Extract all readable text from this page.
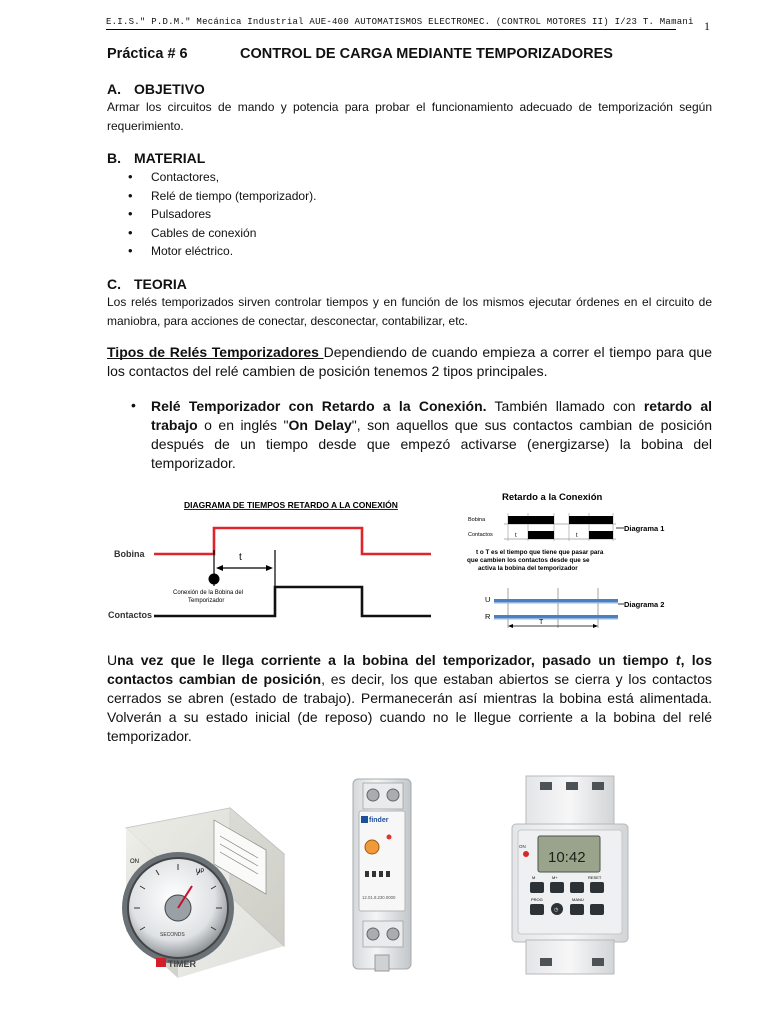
E.I.S." P.D.M." Mecánica Industrial AUE-400 AUTOMATISMOS ELECTROMEC. (CONTROL MOTORES II) I/23 T. Mamani 1
Práctica # 6	CONTROL DE CARGA MEDIANTE TEMPORIZADORES
A. OBJETIVO
Armar los circuitos de mando y potencia para probar el funcionamiento adecuado de temporización según requerimiento.
B. MATERIAL
• Contactores,
• Relé de tiempo (temporizador).
• Pulsadores
• Cables de conexión
• Motor eléctrico.
C. TEORIA
Los relés temporizados sirven controlar tiempos y en función de los mismos ejecutar órdenes en el circuito de maniobra, para acciones de conectar, desconectar, contabilizar, etc.
Tipos de Relés Temporizadores Dependiendo de cuando empieza a correr el tiempo para que los contactos del relé cambien de posición tenemos 2 tipos principales.
• Relé Temporizador con Retardo a la Conexión. También llamado con retardo al trabajo o en inglés "On Delay", son aquellos que sus contactos cambian de posición después de un tiempo desde que empezó activarse (energizarse) la bobina del temporizador.
DIAGRAMA DE TIEMPOS RETARDO A LA CONEXIÓN
Bobina	t
Conexión de la Bobina del Temporizador
Contactos
Retardo a la Conexión
Bobina
Contactos	t	t
Diagrama 1
t o T es el tiempo que tiene que pasar para que cambien los contactos desde que se activa la bobina del temporizador
U
R
Diagrama 2
T
Una vez que le llega corriente a la bobina del temporizador, pasado un tiempo t, los contactos cambian de posición, es decir, los que estaban abiertos se cierra y los contactos cerrados se abren (estado de trabajo). Permanecerán así mientras la bobina está alimentada. Volverán a su estado inicial (de reposo) cuando no le llegue corriente a la bobina del relé temporizador.
ON
UP
SECONDS
TIMER
finder
12.01.8.230.0000
10:42
ON
M	M+	RESET
PROG
◷
MANU
